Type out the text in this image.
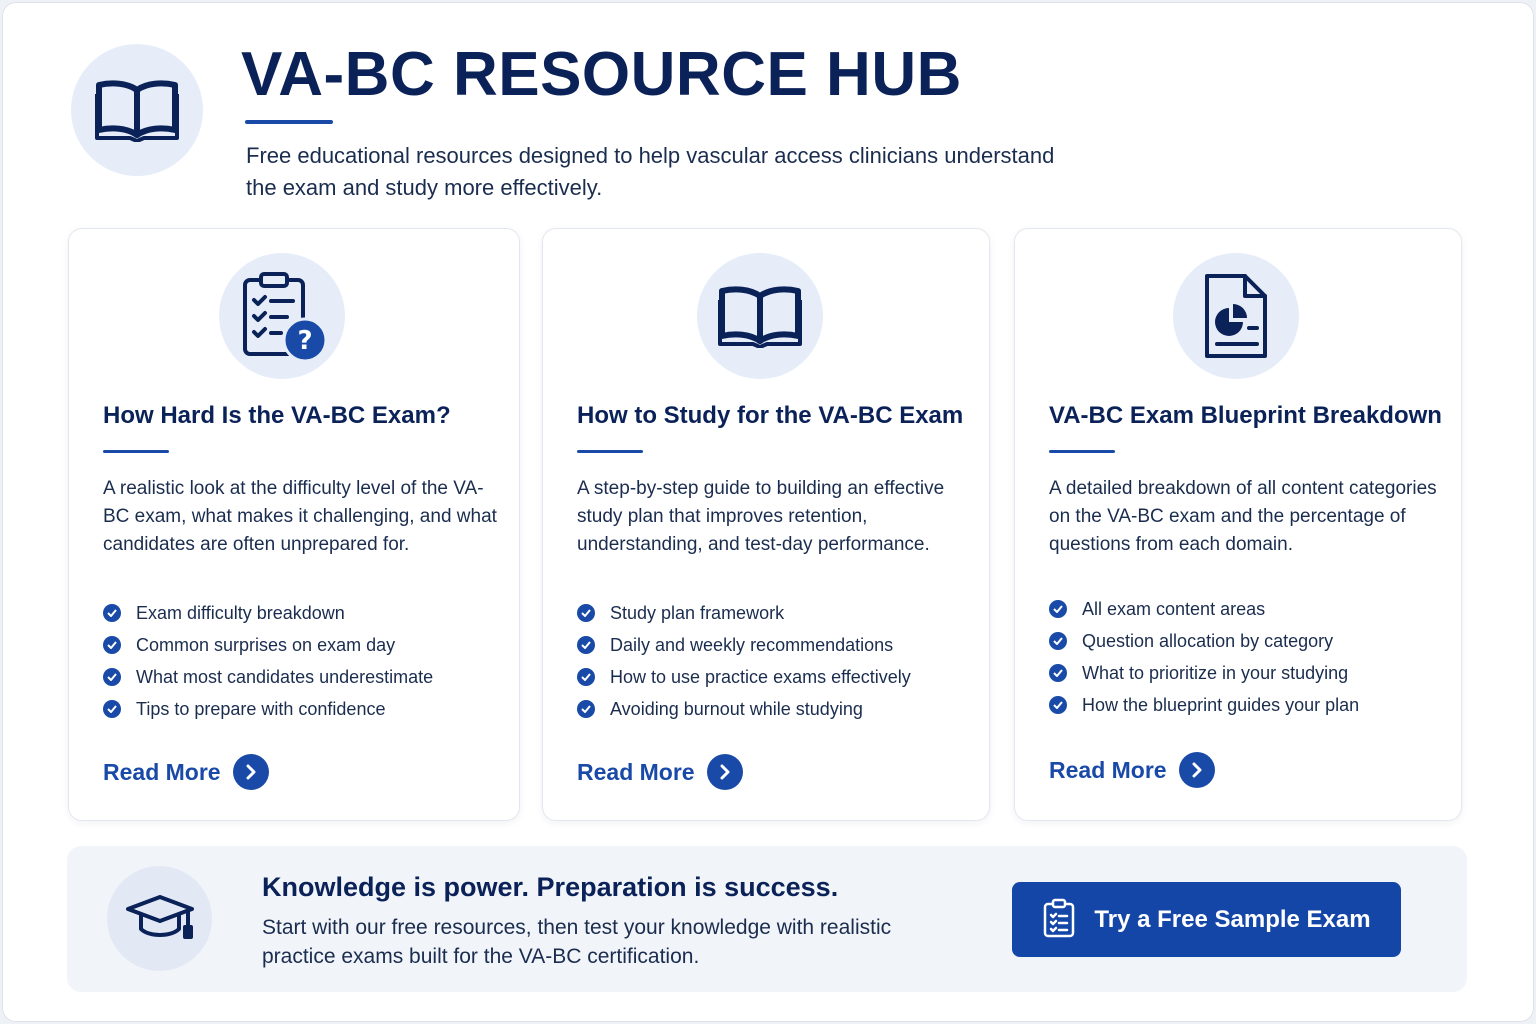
VA-BC RESOURCE HUB

Free educational resources designed to help vascular access clinicians understand the exam and study more effectively.

?
How Hard Is the VA-BC Exam?

A realistic look at the difficulty level of the VA-BC exam, what makes it challenging, and what candidates are often unprepared for.

Exam difficulty breakdown
Common surprises on exam day
What most candidates underestimate
Tips to prepare with confidence
Read More
How to Study for the VA-BC Exam

A step-by-step guide to building an effective study plan that improves retention, understanding, and test-day performance.

Study plan framework
Daily and weekly recommendations
How to use practice exams effectively
Avoiding burnout while studying
Read More
VA-BC Exam Blueprint Breakdown

A detailed breakdown of all content categories on the VA-BC exam and the percentage of questions from each domain.

All exam content areas
Question allocation by category
What to prioritize in your studying
How the blueprint guides your plan
Read More
Knowledge is power. Preparation is success.

Start with our free resources, then test your knowledge with realistic practice exams built for the VA-BC certification.

Try a Free Sample Exam
